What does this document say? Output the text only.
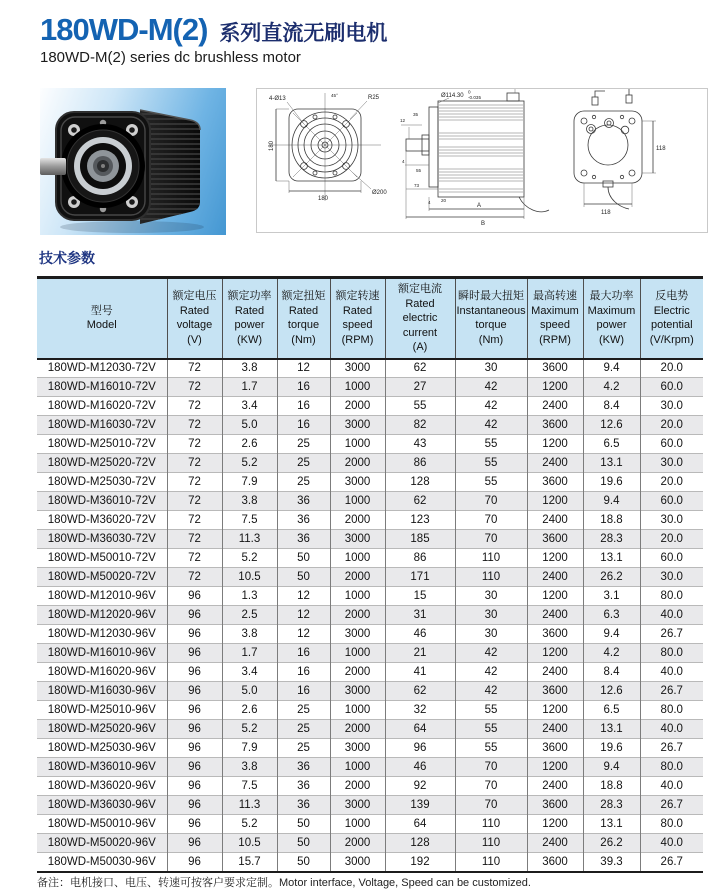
180WD-M(2) 系列直流无刷电机
180WD-M(2) series dc brushless motor
180
180
4-Ø13	R25
Ø200
45°	Ø114.30
0
-0.035
12
35
4
55
73
4 20
A
B
118
118
技术参数
型号
Model

额定电压
Rated voltage
(V)

额定功率
Rated power
(KW)

额定扭矩
Rated torque
(Nm)

额定转速
Rated speed
(RPM)

额定电流
Rated electric current
(A)

瞬时最大扭矩
Instantaneous torque
(Nm)

最高转速
Maximum speed
(RPM)

最大功率
Maximum power
(KW)

反电势
Electric potential
(V/Krpm)

180WD-M12030-72V	72	3.8	12	3000	62	30	3600	9.4	20.0
180WD-M16010-72V	72	1.7	16	1000	27	42	1200	4.2	60.0
180WD-M16020-72V	72	3.4	16	2000	55	42	2400	8.4	30.0
180WD-M16030-72V	72	5.0	16	3000	82	42	3600	12.6	20.0
180WD-M25010-72V	72	2.6	25	1000	43	55	1200	6.5	60.0
180WD-M25020-72V	72	5.2	25	2000	86	55	2400	13.1	30.0
180WD-M25030-72V	72	7.9	25	3000	128	55	3600	19.6	20.0
180WD-M36010-72V	72	3.8	36	1000	62	70	1200	9.4	60.0
180WD-M36020-72V	72	7.5	36	2000	123	70	2400	18.8	30.0
180WD-M36030-72V	72	11.3	36	3000	185	70	3600	28.3	20.0
180WD-M50010-72V	72	5.2	50	1000	86	110	1200	13.1	60.0
180WD-M50020-72V	72	10.5	50	2000	171	110	2400	26.2	30.0
180WD-M12010-96V	96	1.3	12	1000	15	30	1200	3.1	80.0
180WD-M12020-96V	96	2.5	12	2000	31	30	2400	6.3	40.0
180WD-M12030-96V	96	3.8	12	3000	46	30	3600	9.4	26.7
180WD-M16010-96V	96	1.7	16	1000	21	42	1200	4.2	80.0
180WD-M16020-96V	96	3.4	16	2000	41	42	2400	8.4	40.0
180WD-M16030-96V	96	5.0	16	3000	62	42	3600	12.6	26.7
180WD-M25010-96V	96	2.6	25	1000	32	55	1200	6.5	80.0
180WD-M25020-96V	96	5.2	25	2000	64	55	2400	13.1	40.0
180WD-M25030-96V	96	7.9	25	3000	96	55	3600	19.6	26.7
180WD-M36010-96V	96	3.8	36	1000	46	70	1200	9.4	80.0
180WD-M36020-96V	96	7.5	36	2000	92	70	2400	18.8	40.0
180WD-M36030-96V	96	11.3	36	3000	139	70	3600	28.3	26.7
180WD-M50010-96V	96	5.2	50	1000	64	110	1200	13.1	80.0
180WD-M50020-96V	96	10.5	50	2000	128	110	2400	26.2	40.0
180WD-M50030-96V	96	15.7	50	3000	192	110	3600	39.3	26.7
备注：电机接口、电压、转速可按客户要求定制。Motor interface, Voltage, Speed can be customized.
